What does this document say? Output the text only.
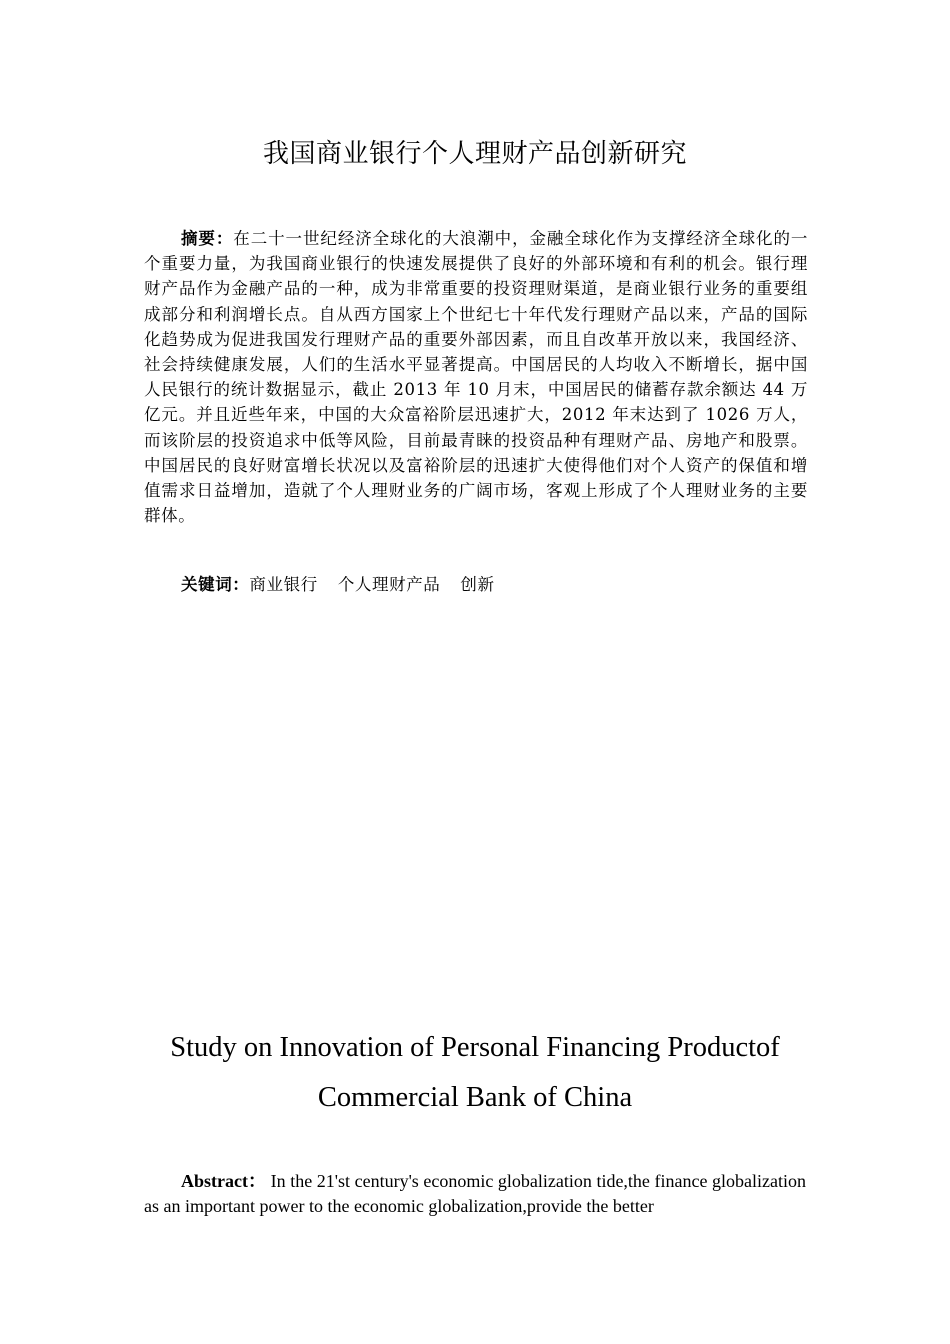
我国商业银行个人理财产品创新研究
摘要：在二十一世纪经济全球化的大浪潮中，金融全球化作为支撑经济全球化的一个重要力量，为我国商业银行的快速发展提供了良好的外部环境和有利的机会。银行理财产品作为金融产品的一种，成为非常重要的投资理财渠道，是商业银行业务的重要组成部分和利润增长点。自从西方国家上个世纪七十年代发行理财产品以来，产品的国际化趋势成为促进我国发行理财产品的重要外部因素，而且自改革开放以来，我国经济、社会持续健康发展，人们的生活水平显著提高。中国居民的人均收入不断增长，据中国人民银行的统计数据显示，截止 2013 年 10 月末，中国居民的储蓄存款余额达 44 万亿元。并且近些年来，中国的大众富裕阶层迅速扩大，2012 年末达到了 1026 万人，而该阶层的投资追求中低等风险，目前最青睐的投资品种有理财产品、房地产和股票。中国居民的良好财富增长状况以及富裕阶层的迅速扩大使得他们对个人资产的保值和增值需求日益增加，造就了个人理财业务的广阔市场，客观上形成了个人理财业务的主要群体。
关键词：商业银行 个人理财产品 创新
Study on Innovation of Personal Financing Productof
Commercial Bank of China
Abstract： In the 21'st century's economic globalization tide,the finance globalization as an important power to the economic globalization,provide the better
